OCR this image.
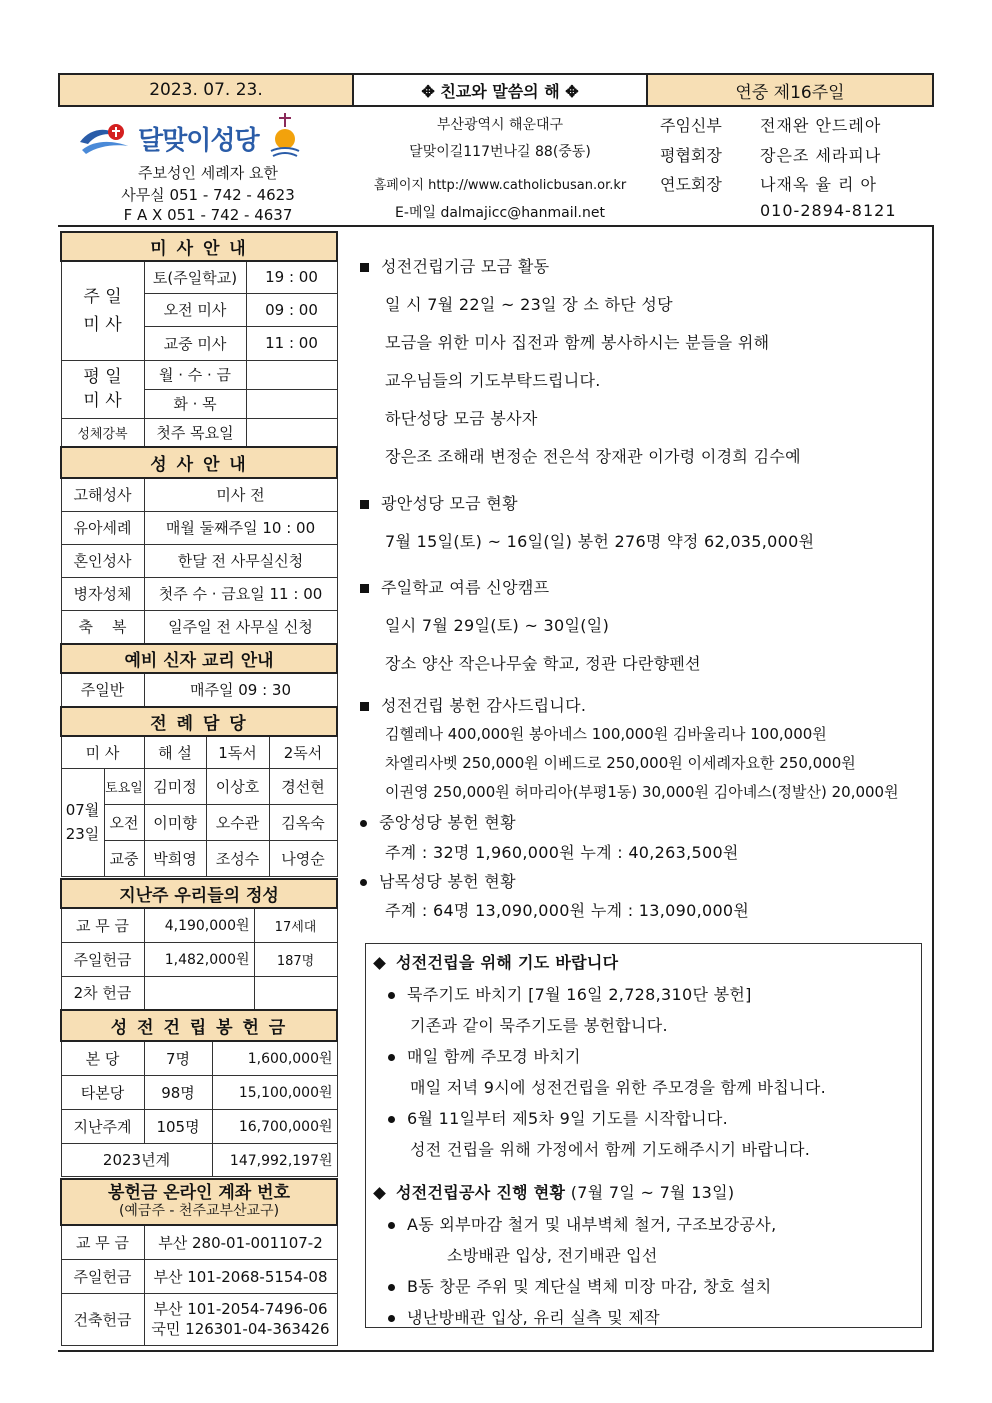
2023. 07. 23.	✥ 친교와 말씀의 해 ✥	연중 제16주일
달맞이성당
주보성인 세례자 요한
사무실 051 - 742 - 4623
F A X 051 - 742 - 4637
부산광역시 해운대구
달맞이길117번나길 88(중동)
홈페이지 http://www.catholicbusan.or.kr
E-메일 dalmajicc@hanmail.net
주임신부	전재완 안드레아
평협회장	장은조 세라피나
연도회장	나재옥 율 리 아
010-2894-8121
미 사 안 내		
주 일
미 사	토(주일학교)	19 : 00
	오전 미사	09 : 00
	교중 미사	11 : 00
평 일
미 사	월 · 수 · 금	
	화 · 목	
성체강복	첫주 목요일	
성 사 안 내	
고해성사	미사 전
유아세례	매월 둘째주일 10 : 00
혼인성사	한달 전 사무실신청
병자성체	첫주 수 · 금요일 11 : 00
축    복	일주일 전 사무실 신청
예비 신자 교리 안내
주일반	매주일 09 : 30
전 례 담 당				
미 사		해 설	1독서	2독서
07월
23일	토요일	김미정	이상호	경선현
	오전	이미향	오수관	김옥숙
	교중	박희영	조성수	나영순
지난주 우리들의 정성		
교 무 금	4,190,000원	17세대
주일헌금	1,482,000원	187명
2차 헌금		
성 전 건 립 봉 헌 금		
본 당	7명	1,600,000원
타본당	98명	15,100,000원
지난주계	105명	16,700,000원
2023년계		147,992,197원
봉헌금 온라인 계좌 번호
(예금주 - 천주교부산교구)	

교 무 금	부산 280-01-001107-2
주일헌금	부산 101-2068-5154-08
건축헌금	부산 101-2054-7496-06
국민 126301-04-363426
성전건립기금 모금 활동
일 시 7월 22일 ~ 23일 장 소 하단 성당
모금을 위한 미사 집전과 함께 봉사하시는 분들을 위해
교우님들의 기도부탁드립니다.
하단성당 모금 봉사자
장은조 조해래 변정순 전은석 장재관 이가령 이경희 김수예
광안성당 모금 현황
7월 15일(토) ~ 16일(일) 봉헌 276명 약정 62,035,000원
주일학교 여름 신앙캠프
일시 7월 29일(토) ~ 30일(일)
장소 양산 작은나무숲 학교, 정관 다란향펜션
성전건립 봉헌 감사드립니다.
김헬레나 400,000원 봉아네스 100,000원 김바울리나 100,000원
차엘리사벳 250,000원 이베드로 250,000원 이세례자요한 250,000원
이권영 250,000원 허마리아(부평1동) 30,000원 김아녜스(정발산) 20,000원
중앙성당 봉헌 현황
주계 : 32명 1,960,000원 누계 : 40,263,500원
남목성당 봉헌 현황
주계 : 64명 13,090,000원 누계 : 13,090,000원
성전건립을 위해 기도 바랍니다
묵주기도 바치기 [7월 16일 2,728,310단 봉헌]
기존과 같이 묵주기도를 봉헌합니다.
매일 함께 주모경 바치기
매일 저녁 9시에 성전건립을 위한 주모경을 함께 바칩니다.
6월 11일부터 제5차 9일 기도를 시작합니다.
성전 건립을 위해 가정에서 함께 기도해주시기 바랍니다.
성전건립공사 진행 현황 (7월 7일 ~ 7월 13일)
A동 외부마감 철거 및 내부벽체 철거, 구조보강공사,
소방배관 입상, 전기배관 입선
B동 창문 주위 및 계단실 벽체 미장 마감, 창호 설치
냉난방배관 입상, 유리 실측 및 제작
